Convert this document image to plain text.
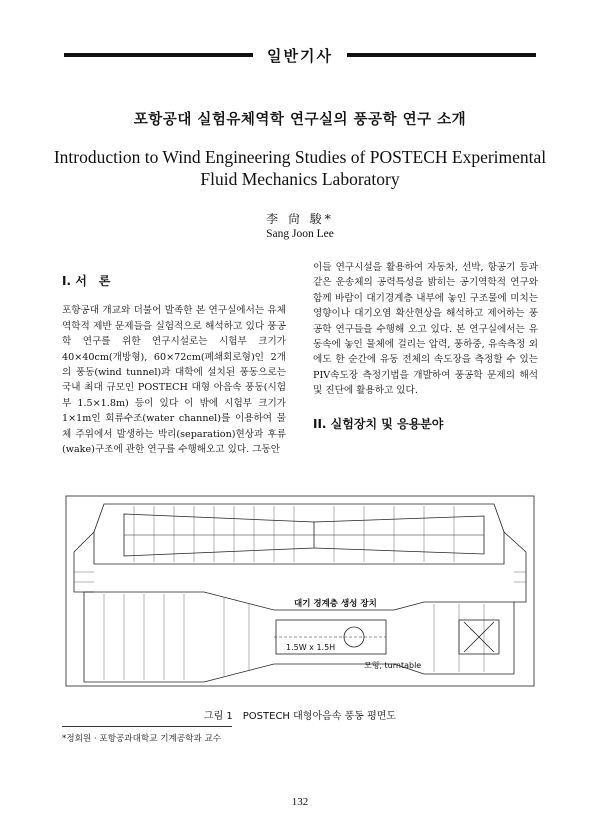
일반기사
포항공대 실험유체역학 연구실의 풍공학 연구 소개
Introduction to Wind Engineering Studies of POSTECH Experimental
Fluid Mechanics Laboratory
李 尙 駿*
Sang Joon Lee
I. 서　론

포항공대 개교와 더불어 발족한 본 연구실에서는 유체역학적 제반 문제들을 실험적으로 해석하고 있다 풍공학 연구를 위한 연구시설로는 시험부 크기가 40×40cm(개방형), 60×72cm(폐쇄회로형)인 2개의 풍동(wind tunnel)과 대학에 설치된 풍동으로는 국내 최대 규모인 POSTECH 대형 아음속 풍동(시험부 1.5×1.8m) 등이 있다 이 밖에 시험부 크기가 1×1m인 회류수조(water channel)를 이용하여 물체 주위에서 발생하는 박리(separation)현상과 후류(wake)구조에 관한 연구를 수행해오고 있다. 그동안

이들 연구시설을 활용하여 자동차, 선박, 항공기 등과 같은 운송체의 공력특성을 밝히는 공기역학적 연구와 함께 바람이 대기경계층 내부에 놓인 구조물에 미치는 영향이나 대기오염 확산현상을 해석하고 제어하는 풍공학 연구들을 수행해 오고 있다. 본 연구실에서는 유동속에 놓인 물체에 걸리는 압력, 풍하중, 유속측정 외에도 한 순간에 유동 전체의 속도장을 측정할 수 있는 PIV속도장 측정기법을 개발하여 풍공학 문제의 해석 및 진단에 활용하고 있다.

II. 실험장치 및 응용분야
대기 경계층 생성 장치
1.5W x 1.5H
모형, turntable
그림 1　POSTECH 대형아음속 풍동 평면도
*정회원 · 포항공과대학교 기계공학과 교수
132
